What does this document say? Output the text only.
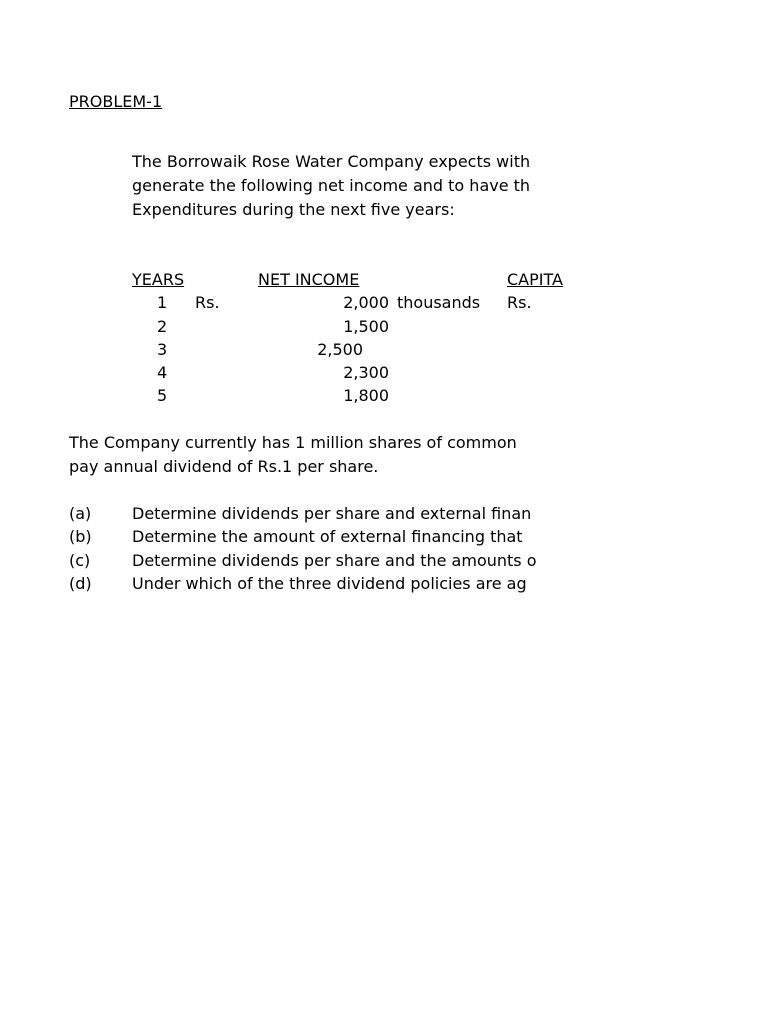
PROBLEM-1
The Borrowaik Rose Water Company expects with
generate the following net income and to have th
Expenditures during the next five years:
YEARS	NET INCOME	CAPITA
1 Rs.	2,000 thousands Rs.
2	1,500
3	2,500
4	2,300
5	1,800
The Company currently has 1 million shares of common
pay annual dividend of Rs.1 per share.
(a)	Determine dividends per share and external finan
(b)	Determine the amount of external financing that
(c)	Determine dividends per share and the amounts o
(d)	Under which of the three dividend policies are ag
